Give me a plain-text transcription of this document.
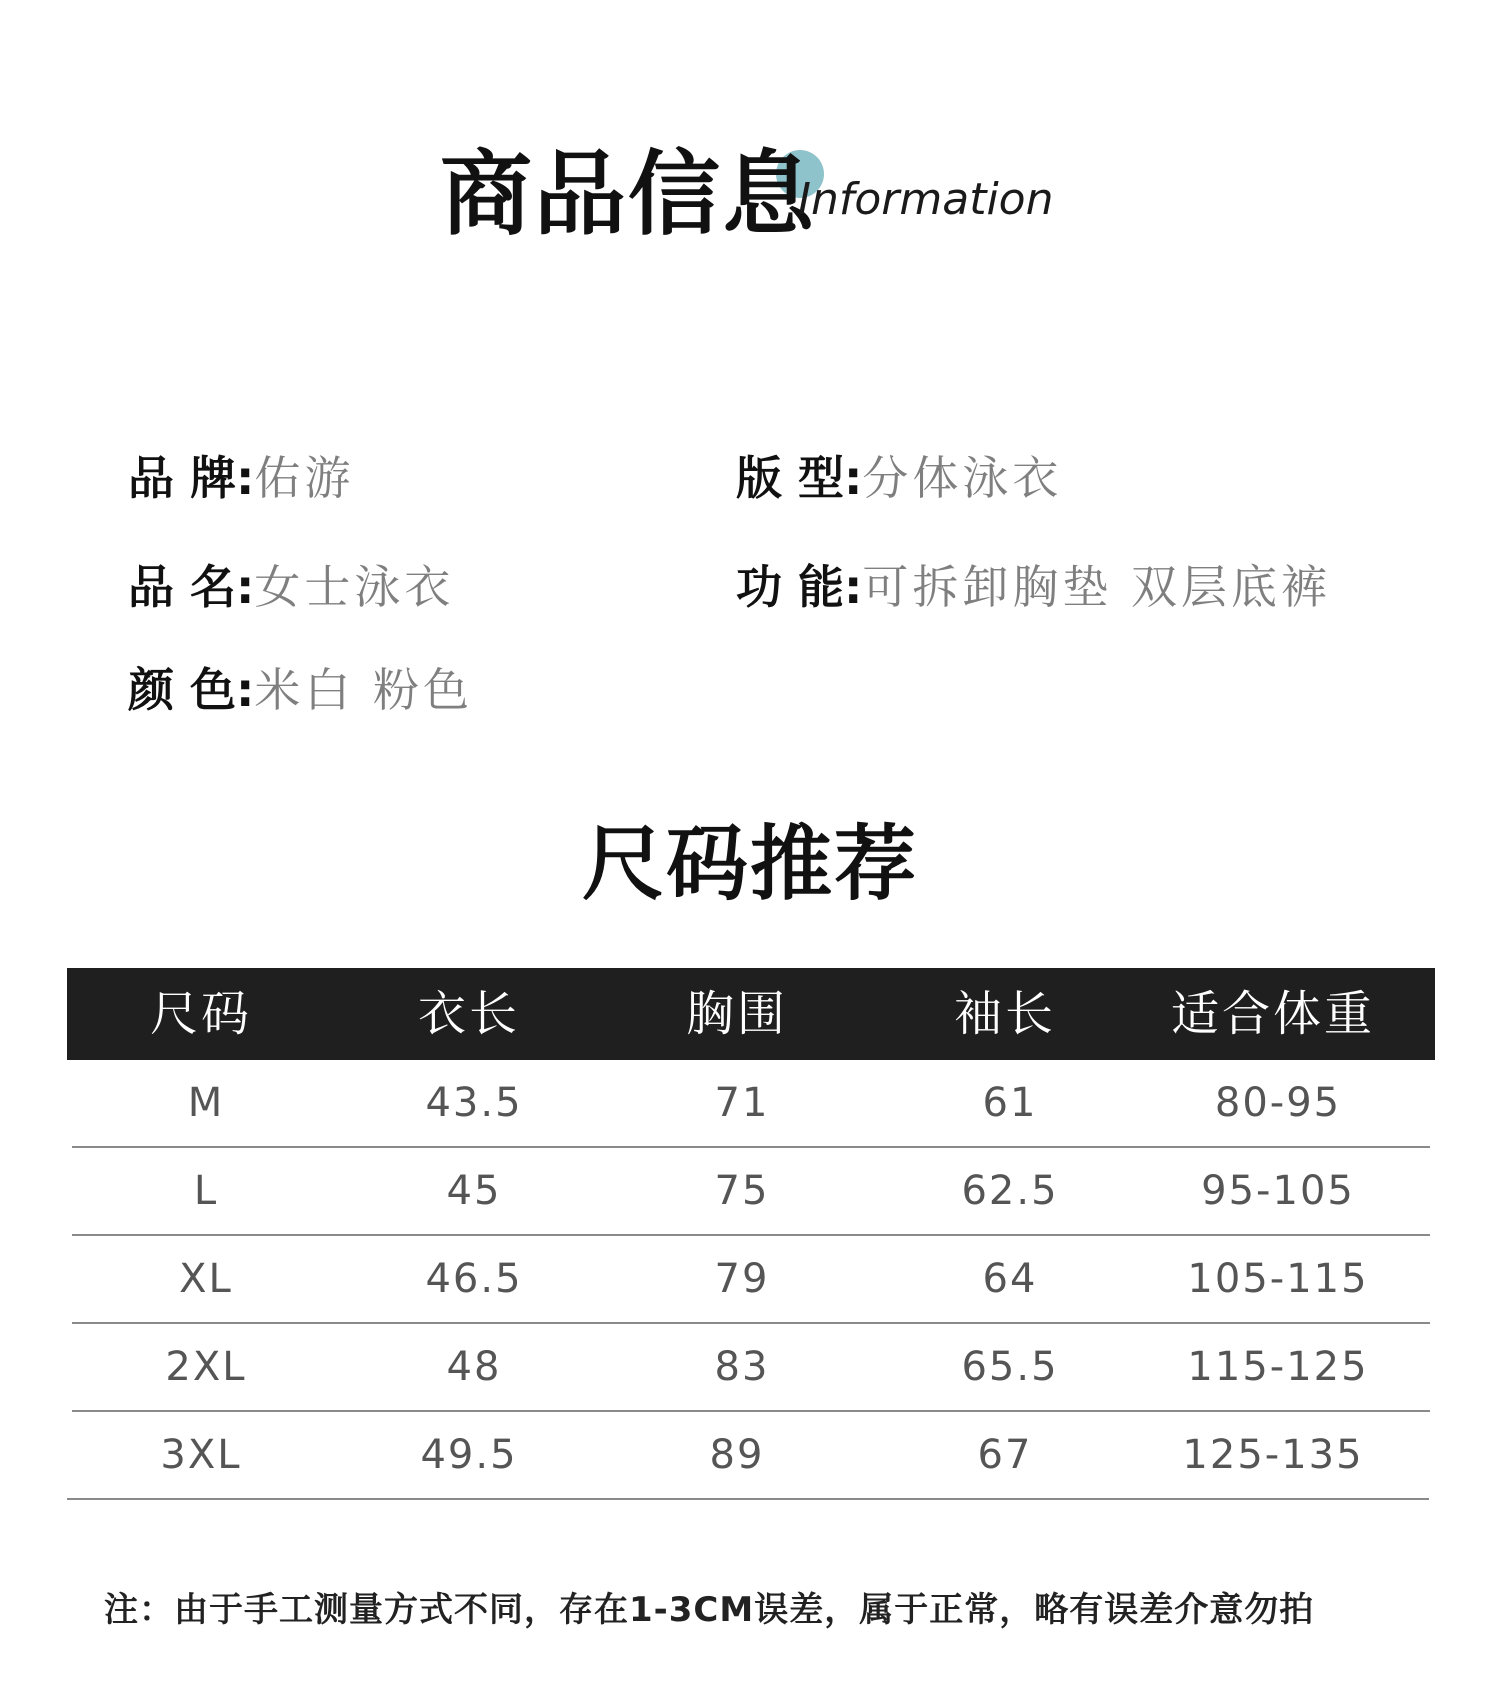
商品信息
Information
品 牌:佑游	版 型:分体泳衣
品 名:女士泳衣	功 能:可拆卸胸垫 双层底裤
颜 色:米白 粉色
尺码推荐
尺码	衣长	胸围	袖长	适合体重
M	43.5	71	61	80-95
L	45	75	62.5	95-105
XL	46.5	79	64	105-115
2XL	48	83	65.5	115-125
3XL	49.5	89	67	125-135
注：由于手工测量方式不同，存在1-3CM误差，属于正常，略有误差介意勿拍
